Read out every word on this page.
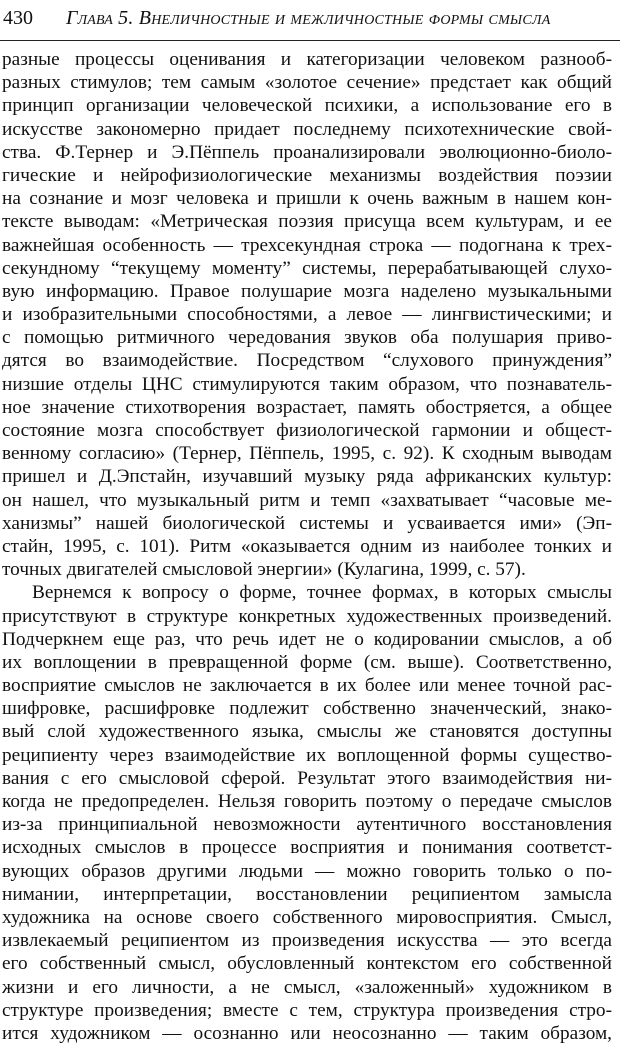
430 Глава 5. Внеличностные и межличностные формы смысла
разные процессы оценивания и категоризации человеком разнооб-
разных стимулов; тем самым «золотое сечение» предстает как общий
принцип организации человеческой психики, а использование его в
искусстве закономерно придает последнему психотехнические свой-
ства. Ф.Тернер и Э.Пёппель проанализировали эволюционно-биоло-
гические и нейрофизиологические механизмы воздействия поэзии
на сознание и мозг человека и пришли к очень важным в нашем кон-
тексте выводам: «Метрическая поэзия присуща всем культурам, и ее
важнейшая особенность — трехсекундная строка — подогнана к трех-
секундному “текущему моменту” системы, перерабатывающей слухо-
вую информацию. Правое полушарие мозга наделено музыкальными
и изобразительными способностями, а левое — лингвистическими; и
с помощью ритмичного чередования звуков оба полушария приво-
дятся во взаимодействие. Посредством “слухового принуждения”
низшие отделы ЦНС стимулируются таким образом, что познаватель-
ное значение стихотворения возрастает, память обостряется, а общее
состояние мозга способствует физиологической гармонии и общест-
венному согласию» (Тернер, Пёппель, 1995, с. 92). К сходным выводам
пришел и Д.Эпстайн, изучавший музыку ряда африканских культур:
он нашел, что музыкальный ритм и темп «захватывает “часовые ме-
ханизмы” нашей биологической системы и усваивается ими» (Эп-
стайн, 1995, с. 101). Ритм «оказывается одним из наиболее тонких и
точных двигателей смысловой энергии» (Кулагина, 1999, с. 57).
Вернемся к вопросу о форме, точнее формах, в которых смыслы
присутствуют в структуре конкретных художественных произведений.
Подчеркнем еще раз, что речь идет не о кодировании смыслов, а об
их воплощении в превращенной форме (см. выше). Соответственно,
восприятие смыслов не заключается в их более или менее точной рас-
шифровке, расшифровке подлежит собственно значенческий, знако-
вый слой художественного языка, смыслы же становятся доступны
реципиенту через взаимодействие их воплощенной формы существо-
вания с его смысловой сферой. Результат этого взаимодействия ни-
когда не предопределен. Нельзя говорить поэтому о передаче смыслов
из-за принципиальной невозможности аутентичного восстановления
исходных смыслов в процессе восприятия и понимания соответст-
вующих образов другими людьми — можно говорить только о по-
нимании, интерпретации, восстановлении реципиентом замысла
художника на основе своего собственного мировосприятия. Смысл,
извлекаемый реципиентом из произведения искусства — это всегда
его собственный смысл, обусловленный контекстом его собственной
жизни и его личности, а не смысл, «заложенный» художником в
структуре произведения; вместе с тем, структура произведения стро-
ится художником — осознанно или неосознанно — таким образом,
